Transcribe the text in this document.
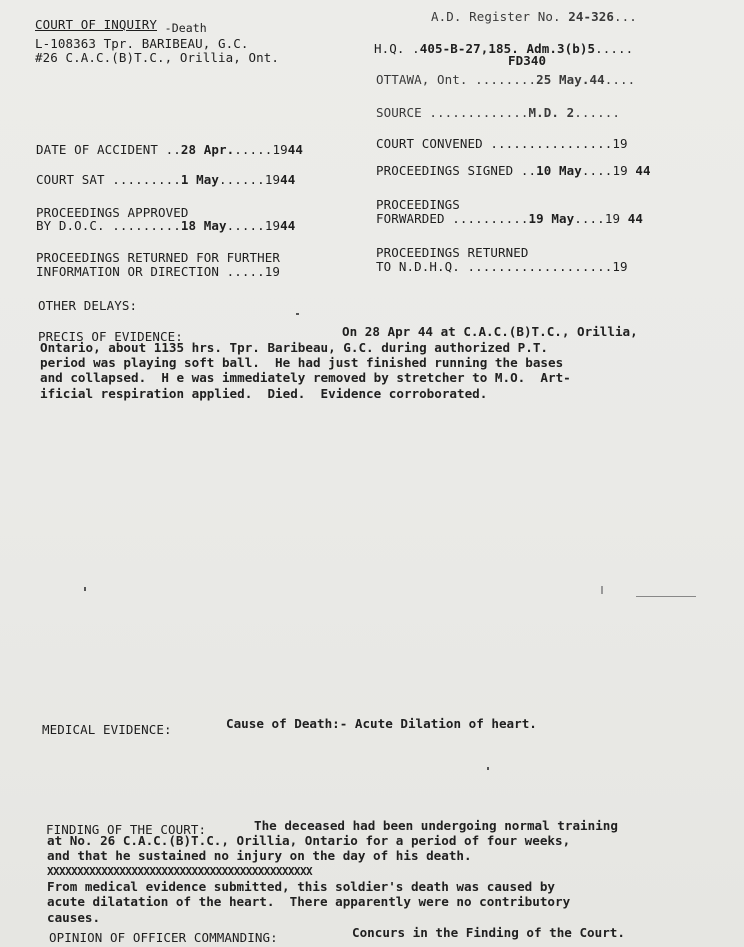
COURT OF INQUIRY -Death
L-108363 Tpr. BARIBEAU, G.C.
#26 C.A.C.(B)T.C., Orillia, Ont.
A.D. Register No. 24-326...
H.Q. .405-B-27,185. Adm.3(b)5.....
FD340
OTTAWA, Ont. ........25 May.44....
SOURCE .............M.D. 2......
DATE OF ACCIDENT ..28 Apr......1944	COURT CONVENED ................19
COURT SAT .........1 May......1944
PROCEEDINGS SIGNED ..10 May....19 44
PROCEEDINGS APPROVED
BY D.O.C. .........18 May.....1944
PROCEEDINGS
FORWARDED ..........19 May....19 44
PROCEEDINGS RETURNED FOR FURTHER
INFORMATION OR DIRECTION .....19
PROCEEDINGS RETURNED
TO N.D.H.Q. ...................19
OTHER DELAYS:
PRECIS OF EVIDENCE:	On 28 Apr 44 at C.A.C.(B)T.C., Orillia,
Ontario, about 1135 hrs. Tpr. Baribeau, G.C. during authorized P.T.
period was playing soft ball.  He had just finished running the bases
and collapsed.  H e was immediately removed by stretcher to M.O.  Art-
ificial respiration applied.  Died.  Evidence corroborated.
MEDICAL EVIDENCE:	Cause of Death:- Acute Dilation of heart.
FINDING OF THE COURT:	The deceased had been undergoing normal training
at No. 26 C.A.C.(B)T.C., Orillia, Ontario for a period of four weeks,
and that he sustained no injury on the day of his death.
XXXXXXXXXXXXXXXXXXXXXXXXXXXXXXXXXXXXXXXXXXXX
From medical evidence submitted, this soldier's death was caused by
acute dilatation of the heart.  There apparently were no contributory
causes.
OPINION OF OFFICER COMMANDING:	Concurs in the Finding of the Court.
